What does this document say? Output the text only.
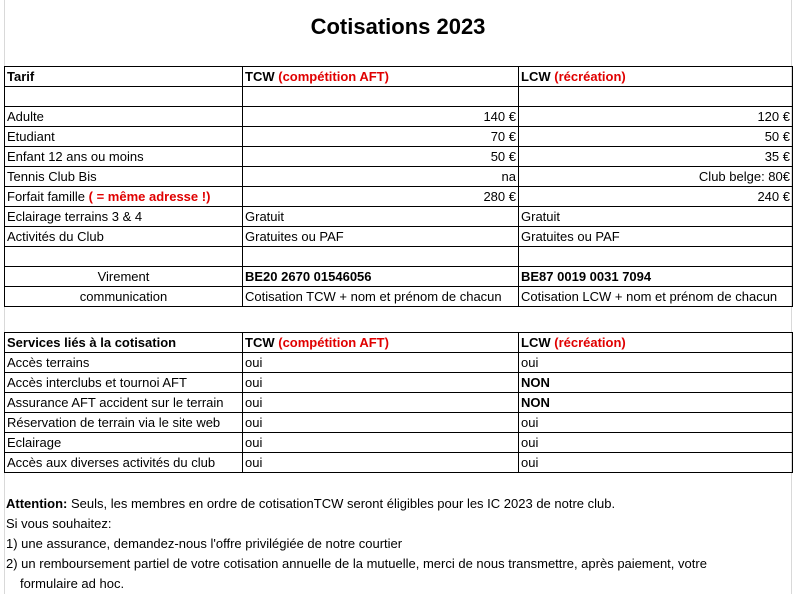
Cotisations 2023
Tarif	TCW (compétition AFT)	LCW (récréation)

Adulte	140 €	120 €
Etudiant	70 €	50 €
Enfant 12 ans ou moins	50 €	35 €
Tennis Club Bis	na	Club belge: 80€
Forfait famille ( = même adresse !)	280 €	240 €
Eclairage terrains 3 & 4	Gratuit	Gratuit
Activités du Club	Gratuites ou PAF	Gratuites ou PAF

Virement	BE20 2670 01546056	BE87 0019 0031 7094
communication	Cotisation TCW + nom et prénom de chacun	Cotisation LCW + nom et prénom de chacun
Services liés à la cotisation	TCW (compétition AFT)	LCW (récréation)
Accès terrains	oui	oui
Accès interclubs et tournoi AFT	oui	NON
Assurance AFT accident sur le terrain	oui	NON
Réservation de terrain via le site web	oui	oui
Eclairage	oui	oui
Accès aux diverses activités du club	oui	oui
Attention: Seuls, les membres en ordre de cotisationTCW seront éligibles pour les IC 2023 de notre club.
Si vous souhaitez:
1) une assurance, demandez-nous l'offre privilégiée de notre courtier
2) un remboursement partiel de votre cotisation annuelle de la mutuelle, merci de nous transmettre, après paiement, votre
formulaire ad hoc.
